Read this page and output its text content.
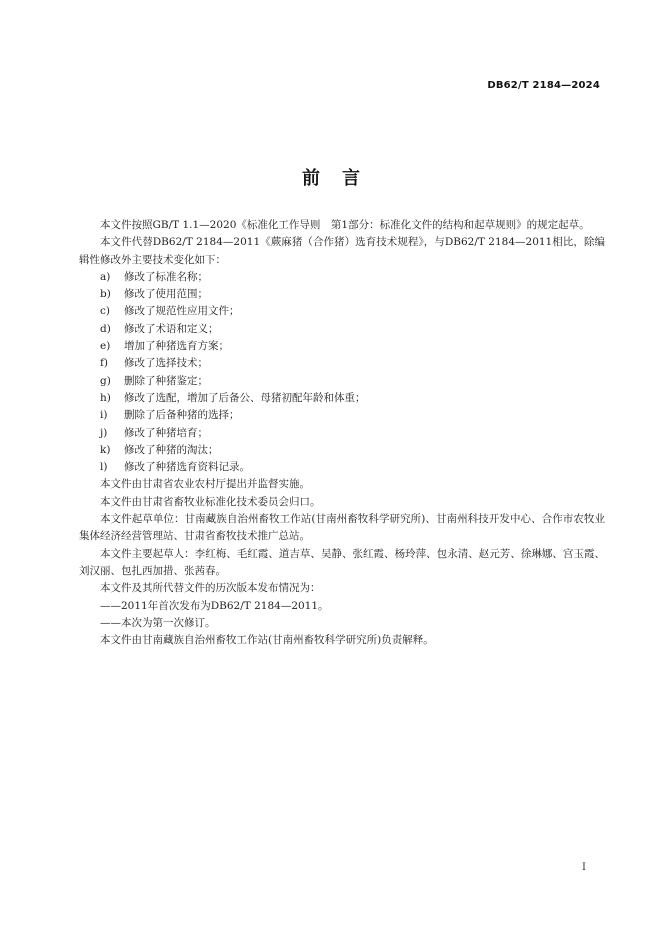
DB62/T 2184—2024
前言

本文件按照GB/T 1.1—2020《标准化工作导则　第1部分：标准化文件的结构和起草规则》的规定起草。

本文件代替DB62/T 2184—2011《蕨麻猪（合作猪）选育技术规程》，与DB62/T 2184—2011相比，除编辑性修改外主要技术变化如下：

a) 修改了标准名称；

b) 修改了使用范围；

c) 修改了规范性应用文件；

d) 修改了术语和定义；

e) 增加了种猪选育方案；

f) 修改了选择技术；

g) 删除了种猪鉴定；

h) 修改了选配，增加了后备公、母猪初配年龄和体重；

i) 删除了后备种猪的选择；

j) 修改了种猪培育；

k) 修改了种猪的淘汰；

l) 修改了种猪选育资料记录。

本文件由甘肃省农业农村厅提出并监督实施。

本文件由甘肃省畜牧业标准化技术委员会归口。

本文件起草单位：甘南藏族自治州畜牧工作站(甘南州畜牧科学研究所)、甘南州科技开发中心、合作市农牧业集体经济经营管理站、甘肃省畜牧技术推广总站。

本文件主要起草人：李红梅、毛红霞、道吉草、吴静、张红霞、杨玲萍、包永清、赵元芳、徐琳娜、宫玉霞、刘汉丽、包扎西加措、张茜春。

本文件及其所代替文件的历次版本发布情况为：

——2011年首次发布为DB62/T 2184—2011。

——本次为第一次修订。

本文件由甘南藏族自治州畜牧工作站(甘南州畜牧科学研究所)负责解释。

I
